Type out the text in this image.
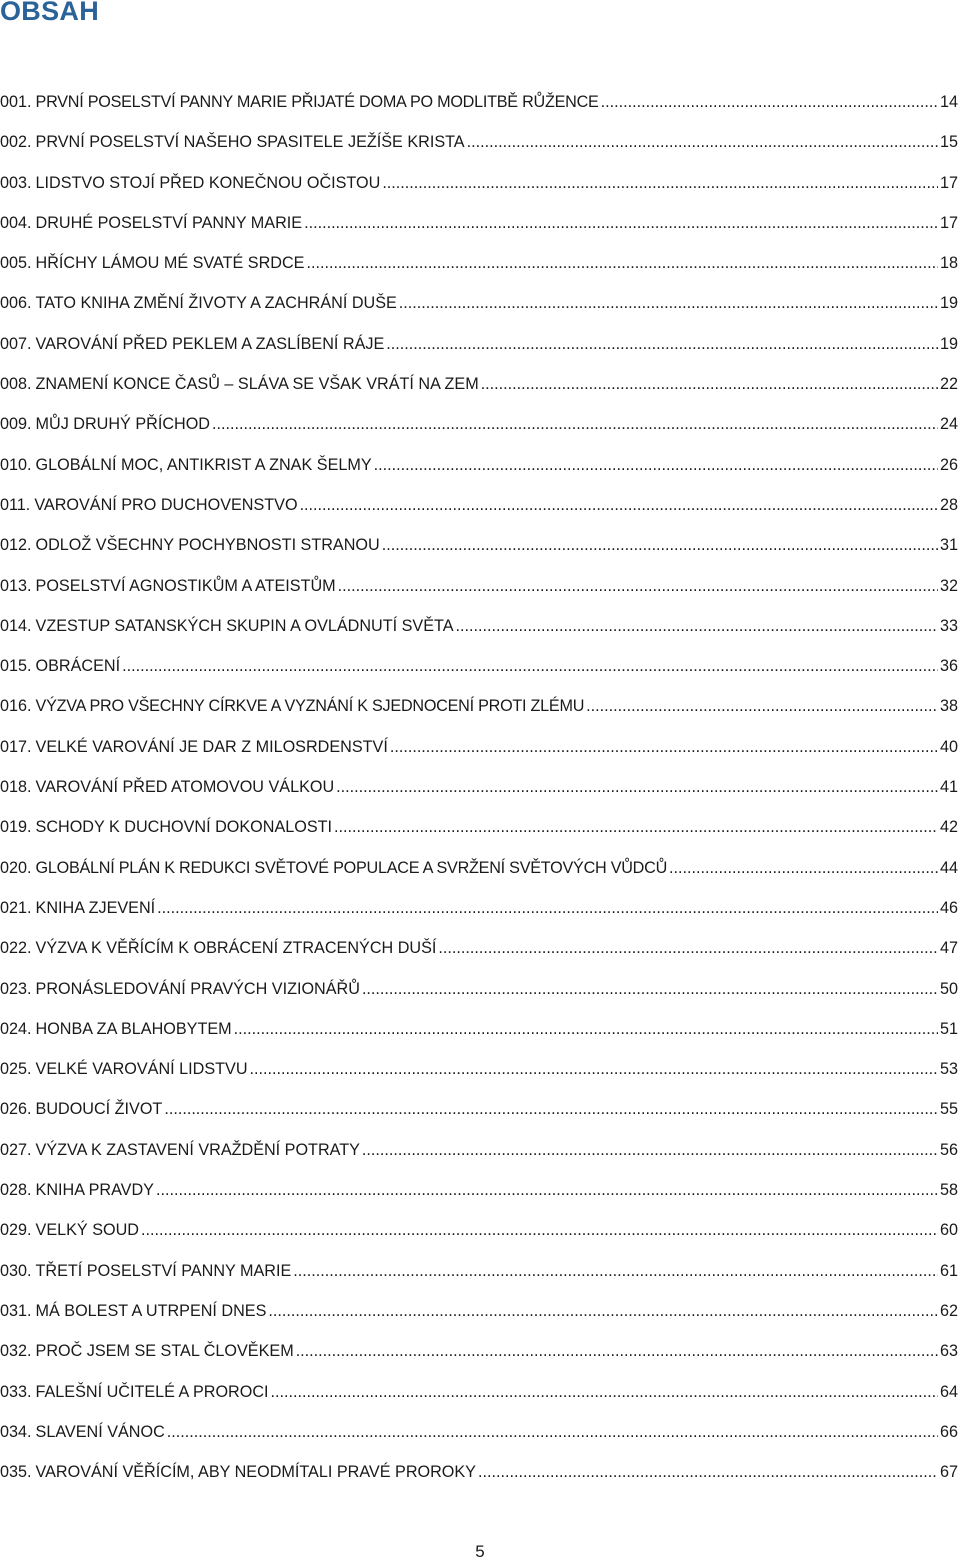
OBSAH
001. PRVNÍ POSELSTVÍ PANNY MARIE PŘIJATÉ DOMA PO MODLITBĚ RŮŽENCE .....	14
002. PRVNÍ POSELSTVÍ NAŠEHO SPASITELE JEŽÍŠE KRISTA .....	15
003. LIDSTVO STOJÍ PŘED KONEČNOU OČISTOU .....	17
004. DRUHÉ POSELSTVÍ PANNY MARIE .....	17
005. HŘÍCHY LÁMOU MÉ SVATÉ SRDCE .....	18
006. TATO KNIHA ZMĚNÍ ŽIVOTY A ZACHRÁNÍ DUŠE .....	19
007. VAROVÁNÍ PŘED PEKLEM A ZASLÍBENÍ RÁJE .....	19
008. ZNAMENÍ KONCE ČASŮ – SLÁVA SE VŠAK VRÁTÍ NA ZEM .....	22
009. MŮJ DRUHÝ PŘÍCHOD .....	24
010. GLOBÁLNÍ MOC, ANTIKRIST A ZNAK ŠELMY .....	26
011. VAROVÁNÍ PRO DUCHOVENSTVO .....	28
012. ODLOŽ VŠECHNY POCHYBNOSTI STRANOU .....	31
013. POSELSTVÍ AGNOSTIKŮM A ATEISTŮM .....	32
014. VZESTUP SATANSKÝCH SKUPIN A OVLÁDNUTÍ SVĚTA .....	33
015. OBRÁCENÍ .....	36
016. VÝZVA PRO VŠECHNY CÍRKVE A VYZNÁNÍ K SJEDNOCENÍ PROTI ZLÉMU .....	38
017. VELKÉ VAROVÁNÍ JE DAR Z MILOSRDENSTVÍ .....	40
018. VAROVÁNÍ PŘED ATOMOVOU VÁLKOU .....	41
019. SCHODY K DUCHOVNÍ DOKONALOSTI .....	42
020. GLOBÁLNÍ PLÁN K REDUKCI SVĚTOVÉ POPULACE A SVRŽENÍ SVĚTOVÝCH VŮDCŮ .....	44
021. KNIHA ZJEVENÍ .....	46
022. VÝZVA K VĚŘÍCÍM K OBRÁCENÍ ZTRACENÝCH DUŠÍ .....	47
023. PRONÁSLEDOVÁNÍ PRAVÝCH VIZIONÁŘŮ .....	50
024. HONBA ZA BLAHOBYTEM .....	51
025. VELKÉ VAROVÁNÍ LIDSTVU .....	53
026. BUDOUCÍ ŽIVOT .....	55
027. VÝZVA K ZASTAVENÍ VRAŽDĚNÍ POTRATY .....	56
028. KNIHA PRAVDY .....	58
029. VELKÝ SOUD .....	60
030. TŘETÍ POSELSTVÍ PANNY MARIE .....	61
031. MÁ BOLEST A UTRPENÍ DNES .....	62
032. PROČ JSEM SE STAL ČLOVĚKEM .....	63
033. FALEŠNÍ UČITELÉ A PROROCI .....	64
034. SLAVENÍ VÁNOC .....	66
035. VAROVÁNÍ VĚŘÍCÍM, ABY NEODMÍTALI PRAVÉ PROROKY .....	67
5
